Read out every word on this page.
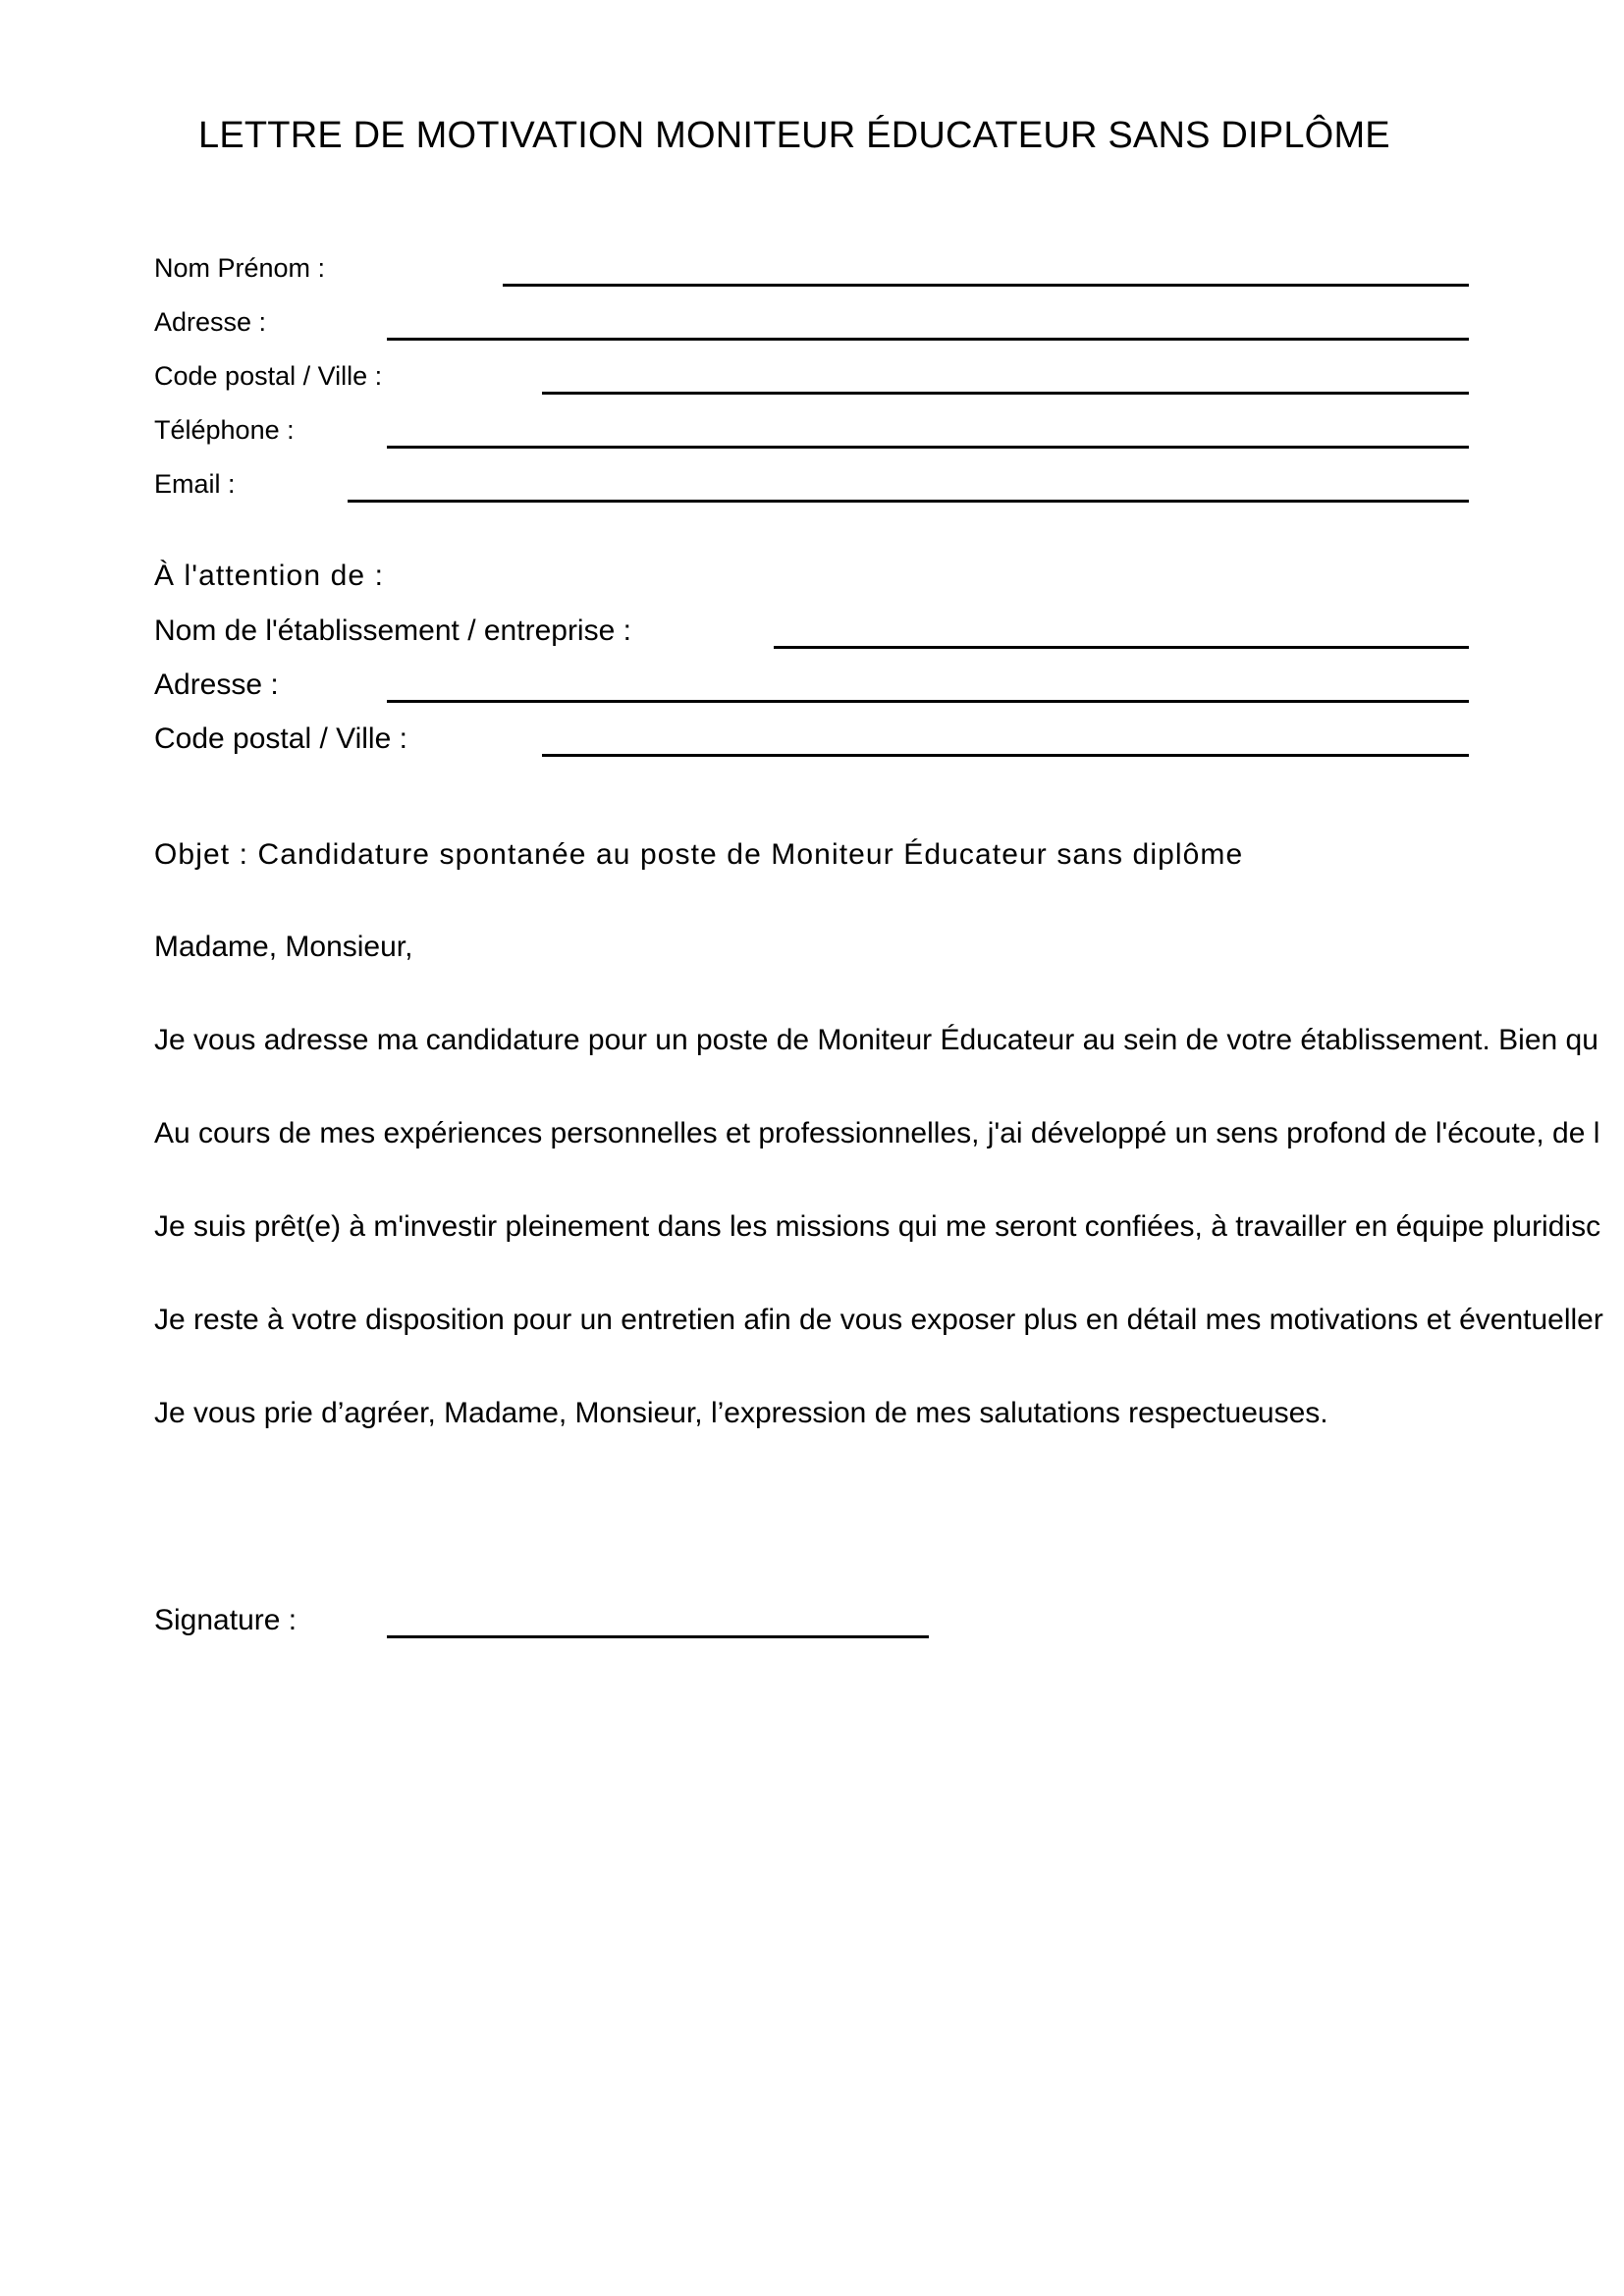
LETTRE DE MOTIVATION MONITEUR ÉDUCATEUR SANS DIPLÔME
Nom Prénom :
Adresse :
Code postal / Ville :
Téléphone :
Email :
À l'attention de :
Nom de l'établissement / entreprise :
Adresse :
Code postal / Ville :
Objet : Candidature spontanée au poste de Moniteur Éducateur sans diplôme
Madame, Monsieur,
Je vous adresse ma candidature pour un poste de Moniteur Éducateur au sein de votre établissement. Bien qu
Au cours de mes expériences personnelles et professionnelles, j'ai développé un sens profond de l'écoute, de l
Je suis prêt(e) à m'investir pleinement dans les missions qui me seront confiées, à travailler en équipe pluridisc
Je reste à votre disposition pour un entretien afin de vous exposer plus en détail mes motivations et éventueller
Je vous prie d’agréer, Madame, Monsieur, l’expression de mes salutations respectueuses.
Signature :
